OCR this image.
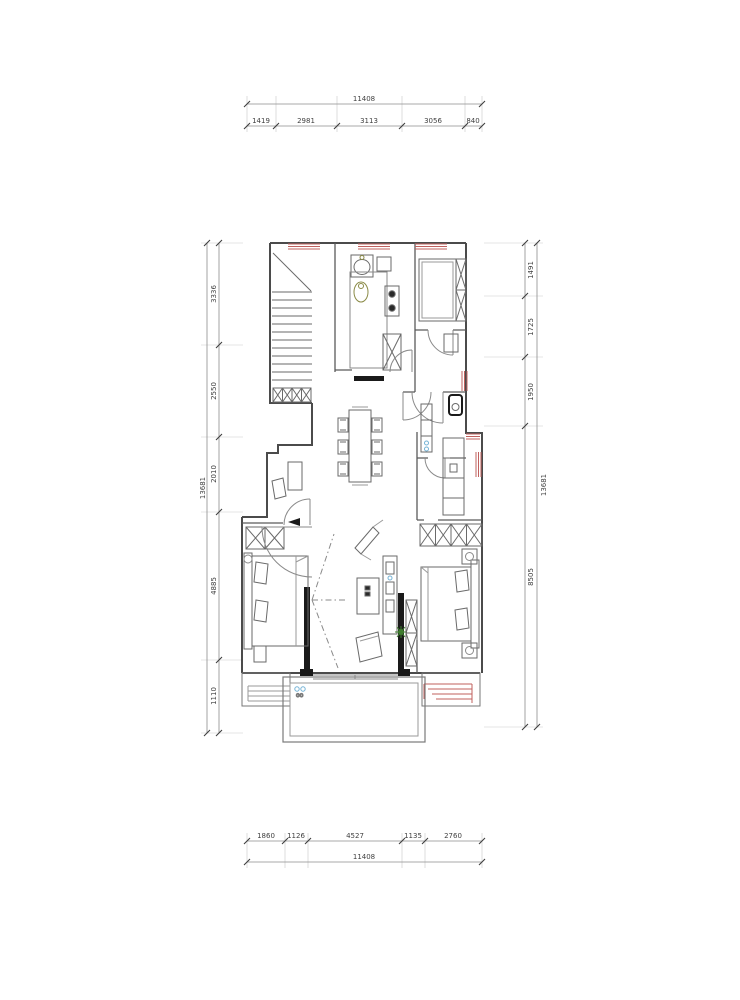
11408
1419	2981	3113	3056	840
1860 1126	4527	1135	2760
11408
3336
2550
2010
4885
1110
13681
1491
1725
1950
8505
13681
oo
